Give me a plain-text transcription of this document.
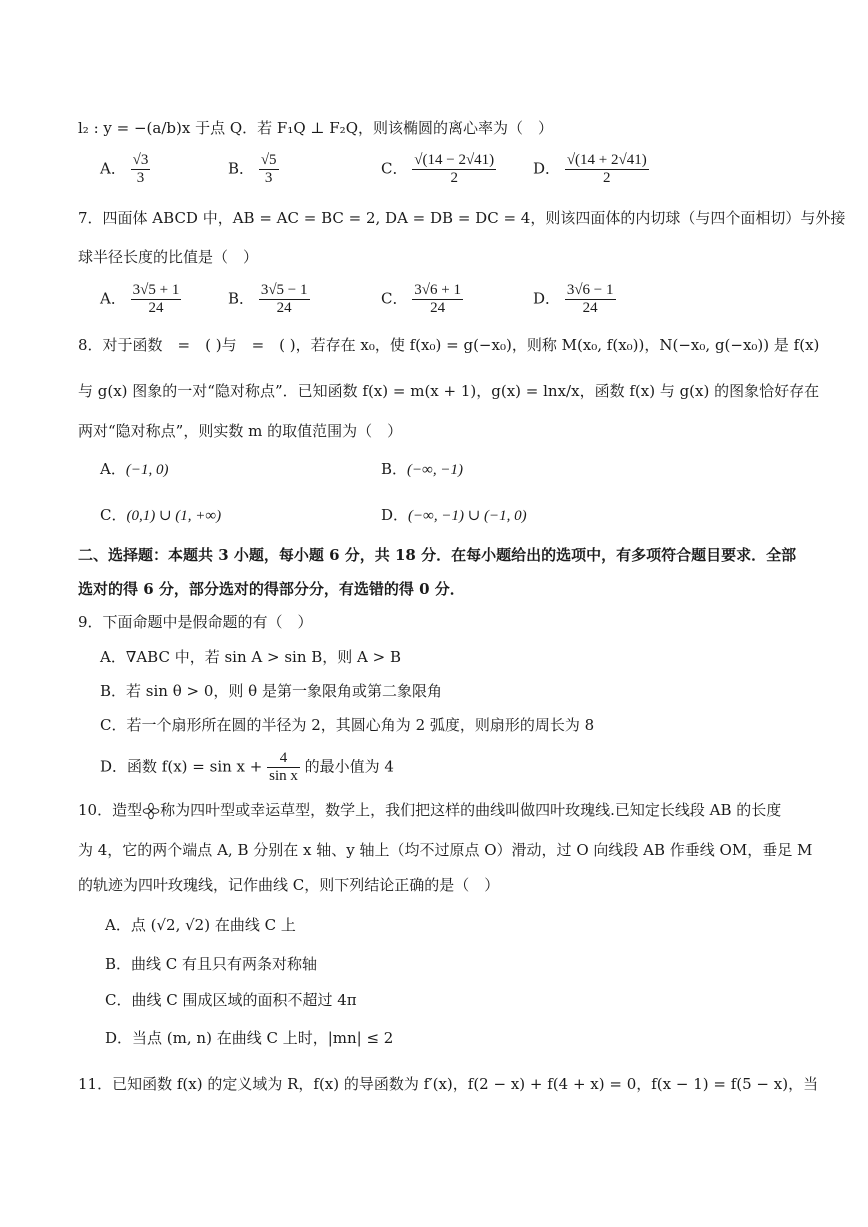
l₂ : y = −(a/b)x 于点 Q．若 F₁Q ⊥ F₂Q，则该椭圆的离心率为（　）
A． $\frac{√3}{3}$	B． $\frac{√5}{3}$	C． $\frac{√(14 - 2√41)}{2}$ D． $\frac{√(14 + 2√41)}{2}$
7．四面体 ABCD 中，AB = AC = BC = 2, DA = DB = DC = 4，则该四面体的内切球（与四个面相切）与外接
球半径长度的比值是（　）
A． $\frac{3√5 + 1}{24}$	B． $\frac{3√5 - 1}{24}$	C． $\frac{3√6 + 1}{24}$	D． $\frac{3√6 - 1}{24}$
8．对于函数　=　( )与　=　( )，若存在 x₀，使 f(x₀) = g(−x₀)，则称 M(x₀, f(x₀))，N(−x₀, g(−x₀)) 是 f(x)
与 g(x) 图象的一对“隐对称点”．已知函数 f(x) = m(x + 1)，g(x) = lnx/x，函数 f(x) 与 g(x) 的图象恰好存在
两对“隐对称点”，则实数 m 的取值范围为（　）
A．(−1, 0)	B．(−∞, −1)
C．(0,1) ∪ (1, +∞)	D．(−∞, −1) ∪ (−1, 0)
二、选择题：本题共 3 小题，每小题 6 分，共 18 分．在每小题给出的选项中，有多项符合题目要求．全部
选对的得 6 分，部分选对的得部分分，有选错的得 0 分．
9．下面命题中是假命题的有（　）
A．∇ABC 中，若 sin A > sin B，则 A > B
B．若 sin θ > 0，则 θ 是第一象限角或第二象限角
C．若一个扇形所在圆的半径为 2，其圆心角为 2 弧度，则扇形的周长为 8
D．函数 $f(x) = \sin x + \frac{4}{\text{sin x}}$ 的最小值为 4
10．造型 称为四叶型或幸运草型，数学上，我们把这样的曲线叫做四叶玫瑰线.已知定长线段 AB 的长度
为 4，它的两个端点 A, B 分别在 x 轴、y 轴上（均不过原点 O）滑动，过 O 向线段 AB 作垂线 OM，垂足 M
的轨迹为四叶玫瑰线，记作曲线 C，则下列结论正确的是（　）
A．点 (√2, √2) 在曲线 C 上
B．曲线 C 有且只有两条对称轴
C．曲线 C 围成区域的面积不超过 4π
D．当点 (m, n) 在曲线 C 上时，|mn| ≤ 2
11．已知函数 f(x) 的定义域为 R，f(x) 的导函数为 f′(x)，f(2 − x) + f(4 + x) = 0，f(x − 1) = f(5 − x)，当
